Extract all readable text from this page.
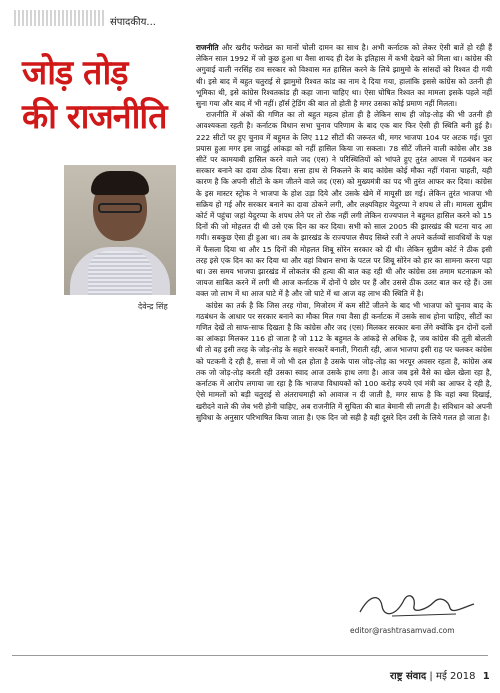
संपादकीय...
जोड़ तोड़
की राजनीति
देवेन्द्र सिंह

राजनीति और खरीद फरोख्त का मानों चोली दामन का साथ है। अभी कर्नाटक को लेकर ऐसी बातें हो रही हैं लेकिन साल 1992 में जो कुछ हुआ था वैसा शायद ही देश के इतिहास में कभी देखने को मिला था। कांग्रेस की अगुवाई वाली नरसिंह राव सरकार को विश्वास मत हासिल करने के लिये झामुमो के सांसदों को रिश्वत दी गयी थी। इसे बाद में बहुत चतुराई से झामुमो रिश्वत कांड का नाम दे दिया गया, हालांकि इससे कांग्रेस को उतनी ही भूमिका थी, इसे कांग्रेस रिश्वतकांड ही कहा जाना चाहिए था। ऐसा घोषित रिश्वत का मामला इसके पहले नहीं सुना गया और बाद में भी नहीं। हॉर्स ट्रेडिंग की बात तो होती है मगर उसका कोई प्रमाण नहीं मिलता।

राजनीति में अंकों की गणित का तो बहुत महत्व होता ही है लेकिन साथ ही जोड़-तोड़ की भी उतनी ही आवश्यकता रहती है। कर्नाटक विधान सभा चुनाव परिणाम के बाद एक बार फिर ऐसी ही स्थिति बनी हुई है। 222 सीटों पर हुए चुनाव में बहुमत के लिए 112 सीटों की जरूरत थी, मगर भाजपा 104 पर अटक गई। पूरा प्रयास हुआ मगर इस जादुई आंकड़ा को नहीं हासिल किया जा सकता। 78 सीटें जीतने वाली कांग्रेस और 38 सीटें पर कामयाबी हासिल करने वाले जद (एस) ने परिस्थितियों को भांपते हुए तुरंत आपस में गठबंधन कर सरकार बनाने का दावा ठोक दिया। सत्ता हाथ से निकलने के बाद कांग्रेस कोई मौका नहीं गंवाना चाहती, यही कारण है कि अपनी सीटों के कम जीतने वाले जद (एस) को मुख्यमंत्री का पद भी तुरंत आफर कर दिया। कांग्रेस के इस मास्टर स्ट्रोक ने भाजपा के होश उड़ा दिये और उसके खेमे में मायूसी छा गई। लेकिन तुरंत भाजपा भी सक्रिय हो गई और सरकार बनाने का दावा ठोकने लगी, और लक्ष्यविहार येदुरप्पा ने शपथ ले ली। मामला सुप्रीम कोर्ट में पहुंचा जहां येदुरप्पा के शपथ लेने पर तो रोक नहीं लगी लेकिन राज्यपाल ने बहुमत हासिल करने को 15 दिनों की जो मोहलत दी थी उसे एक दिन का कर दिया। सभी को साल 2005 की झारखंड की घटना याद आ गयी। सबकुछ ऐसा ही हुआ था। तब के झारखंड के राज्यपाल सैयद सिब्ते रजी ने अपने कर्तव्यों सावधियों के पक्ष में फैसला दिया था और 15 दिनों की मोहलत शिबू सोरेन सरकार को दी थी। लेकिन सुप्रीम कोर्ट ने ठीक इसी तरह इसे एक दिन का कर दिया था और वहां विधान सभा के पटल पर शिबू सोरेन को हार का सामना करना पड़ा था। उस समय भाजपा झारखंड में लोकतंत्र की हत्या की बात कह रही थी और कांग्रेस उस तमाम घटनाक्रम को जायज साबित करने में लगी थी आज कर्नाटक में दोनों पे छोर पर हैं और उससे ठीक उलट बात कर रहे हैं। उस वक्त जो लाभ में था आज घाटे में है और जो घाटे में था आज वह लाभ की स्थिति में है।

कांग्रेस का तर्क है कि जिस तरह गोवा, मिजोरम में कम सीटें जीतने के बाद भी भाजपा को चुनाव बाद के गठबंधन के आधार पर सरकार बनाने का मौका मिल गया वैसा ही कर्नाटक में उसके साथ होना चाहिए, सीटों का गणित देखें तो साफ-साफ दिखता है कि कांग्रेस और जद (एस) मिलकर सरकार बना लेंगे क्योंकि इन दोनों दलों का आंकड़ा मिलकर 116 हो जाता है जो 112 के बहुमत के आंकड़े से अधिक है, जब कांग्रेस की तूती बोलती थी तो वह इसी तरह के जोड़-तोड़ के सहारे सरकारें बनाती, गिराती रही, आज भाजपा इसी राह पर चलकर कांग्रेस को पटकनी दे रही है, सत्ता में जो भी दल होता है उसके पास जोड़-तोड़ का भरपूर अवसर रहता है, कांग्रेस अब तक जो जोड़-तोड़ करती रही उसका स्वाद आज उसके हाथ लगा है। आज जब इसे वैसे का खेल खेला रहा है, कर्नाटक में आरोप लगाया जा रहा है कि भाजपा विधायकों को 100 करोड़ रुपये एवं मंत्री का आफर दे रही है, ऐसे मामलों को बड़ी चतुराई से अंतराचमाही को आवाज न दी जाती है, मगर साफ है कि वहां क्या दिखाई, खरीदने वाले की जेब भरी होनी चाहिए, अब राजनीति में सुचिता की बात बेमानी सी लगती है। संविधान को अपनी सुविधा के अनुसार परिभाषित किया जाता है। एक दिन जो सही है वही दूसरे दिन उसी के लिये गलत हो जाता है।

editor@rashtrasamvad.com
राष्ट्र संवाद | मई 2018 1
